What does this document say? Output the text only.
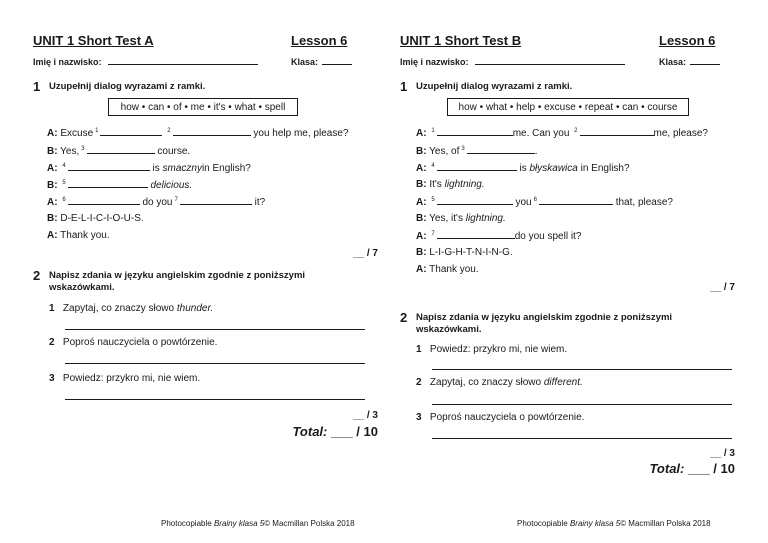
UNIT 1 Short Test A	Lesson 6
Imię i nazwisko:	Klasa:
1 Uzupełnij dialog wyrazami z ramki.
how • can • of • me • it's • what • spell
A: Excuse $^1$	$^2$	you help me, please?
B: Yes, $^3$	course.
A: $^4$	is smacznyin English?
B: $^5$	delicious.
A: $^6$	do you $^7$	it?
B: D-E-L-I-C-I-O-U-S.
A: Thank you.
__ / 7
2 Napisz zdania w języku angielskim zgodnie z poniższymi wskazówkami.
1 Zapytaj, co znaczy słowo thunder.
2 Poproś nauczyciela o powtórzenie.
3 Powiedz: przykro mi, nie wiem.
__ / 3
Total: ___ / 10
Photocopiable Brainy klasa 5© Macmillan Polska 2018
UNIT 1 Short Test B	Lesson 6
Imię i nazwisko:	Klasa:
1 Uzupełnij dialog wyrazami z ramki.
how • what • help • excuse • repeat • can • course
A: $^1$	me. Can you $^2$	me, please?
B: Yes, of $^3$	.
A: $^4$	is błyskawica in English?
B: It's lightning.
A: $^5$	you $^6$	that, please?
B: Yes, it's lightning.
A: $^7$	do you spell it?
B: L-I-G-H-T-N-I-N-G.
A: Thank you.
__ / 7
2 Napisz zdania w języku angielskim zgodnie z poniższymi wskazówkami.
1 Powiedz: przykro mi, nie wiem.
2 Zapytaj, co znaczy słowo different.
3 Poproś nauczyciela o powtórzenie.
__ / 3
Total: ___ / 10
Photocopiable Brainy klasa 5© Macmillan Polska 2018
